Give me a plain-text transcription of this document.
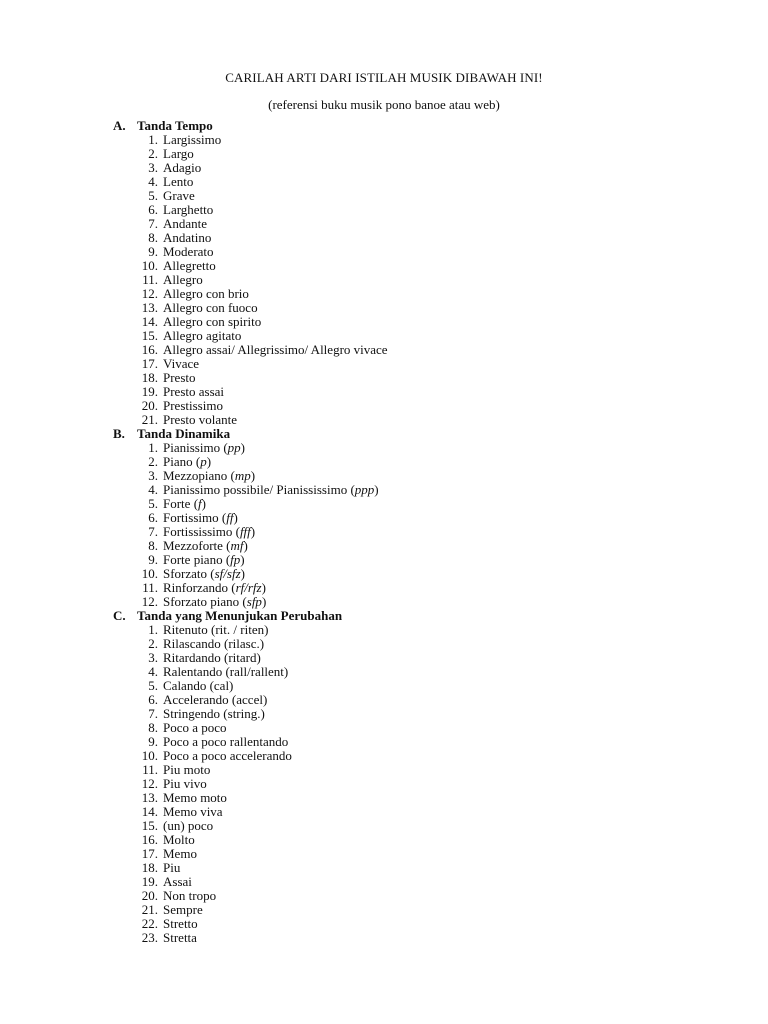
CARILAH ARTI DARI ISTILAH MUSIK DIBAWAH INI!
(referensi buku musik pono banoe atau web)
A. Tanda Tempo
1. Largissimo
2. Largo
3. Adagio
4. Lento
5. Grave
6. Larghetto
7. Andante
8. Andatino
9. Moderato
10. Allegretto
11. Allegro
12. Allegro con brio
13. Allegro con fuoco
14. Allegro con spirito
15. Allegro agitato
16. Allegro assai/ Allegrissimo/ Allegro vivace
17. Vivace
18. Presto
19. Presto assai
20. Prestissimo
21. Presto volante
B. Tanda Dinamika
1. Pianissimo (pp)
2. Piano (p)
3. Mezzopiano (mp)
4. Pianissimo possibile/ Pianississimo (ppp)
5. Forte (f)
6. Fortissimo (ff)
7. Fortississimo (fff)
8. Mezzoforte (mf)
9. Forte piano (fp)
10. Sforzato (sf/sfz)
11. Rinforzando (rf/rfz)
12. Sforzato piano (sfp)
C. Tanda yang Menunjukan Perubahan
1. Ritenuto (rit. / riten)
2. Rilascando (rilasc.)
3. Ritardando (ritard)
4. Ralentando (rall/rallent)
5. Calando (cal)
6. Accelerando (accel)
7. Stringendo (string.)
8. Poco a poco
9. Poco a poco rallentando
10. Poco a poco accelerando
11. Piu moto
12. Piu vivo
13. Memo moto
14. Memo viva
15. (un) poco
16. Molto
17. Memo
18. Piu
19. Assai
20. Non tropo
21. Sempre
22. Stretto
23. Stretta
